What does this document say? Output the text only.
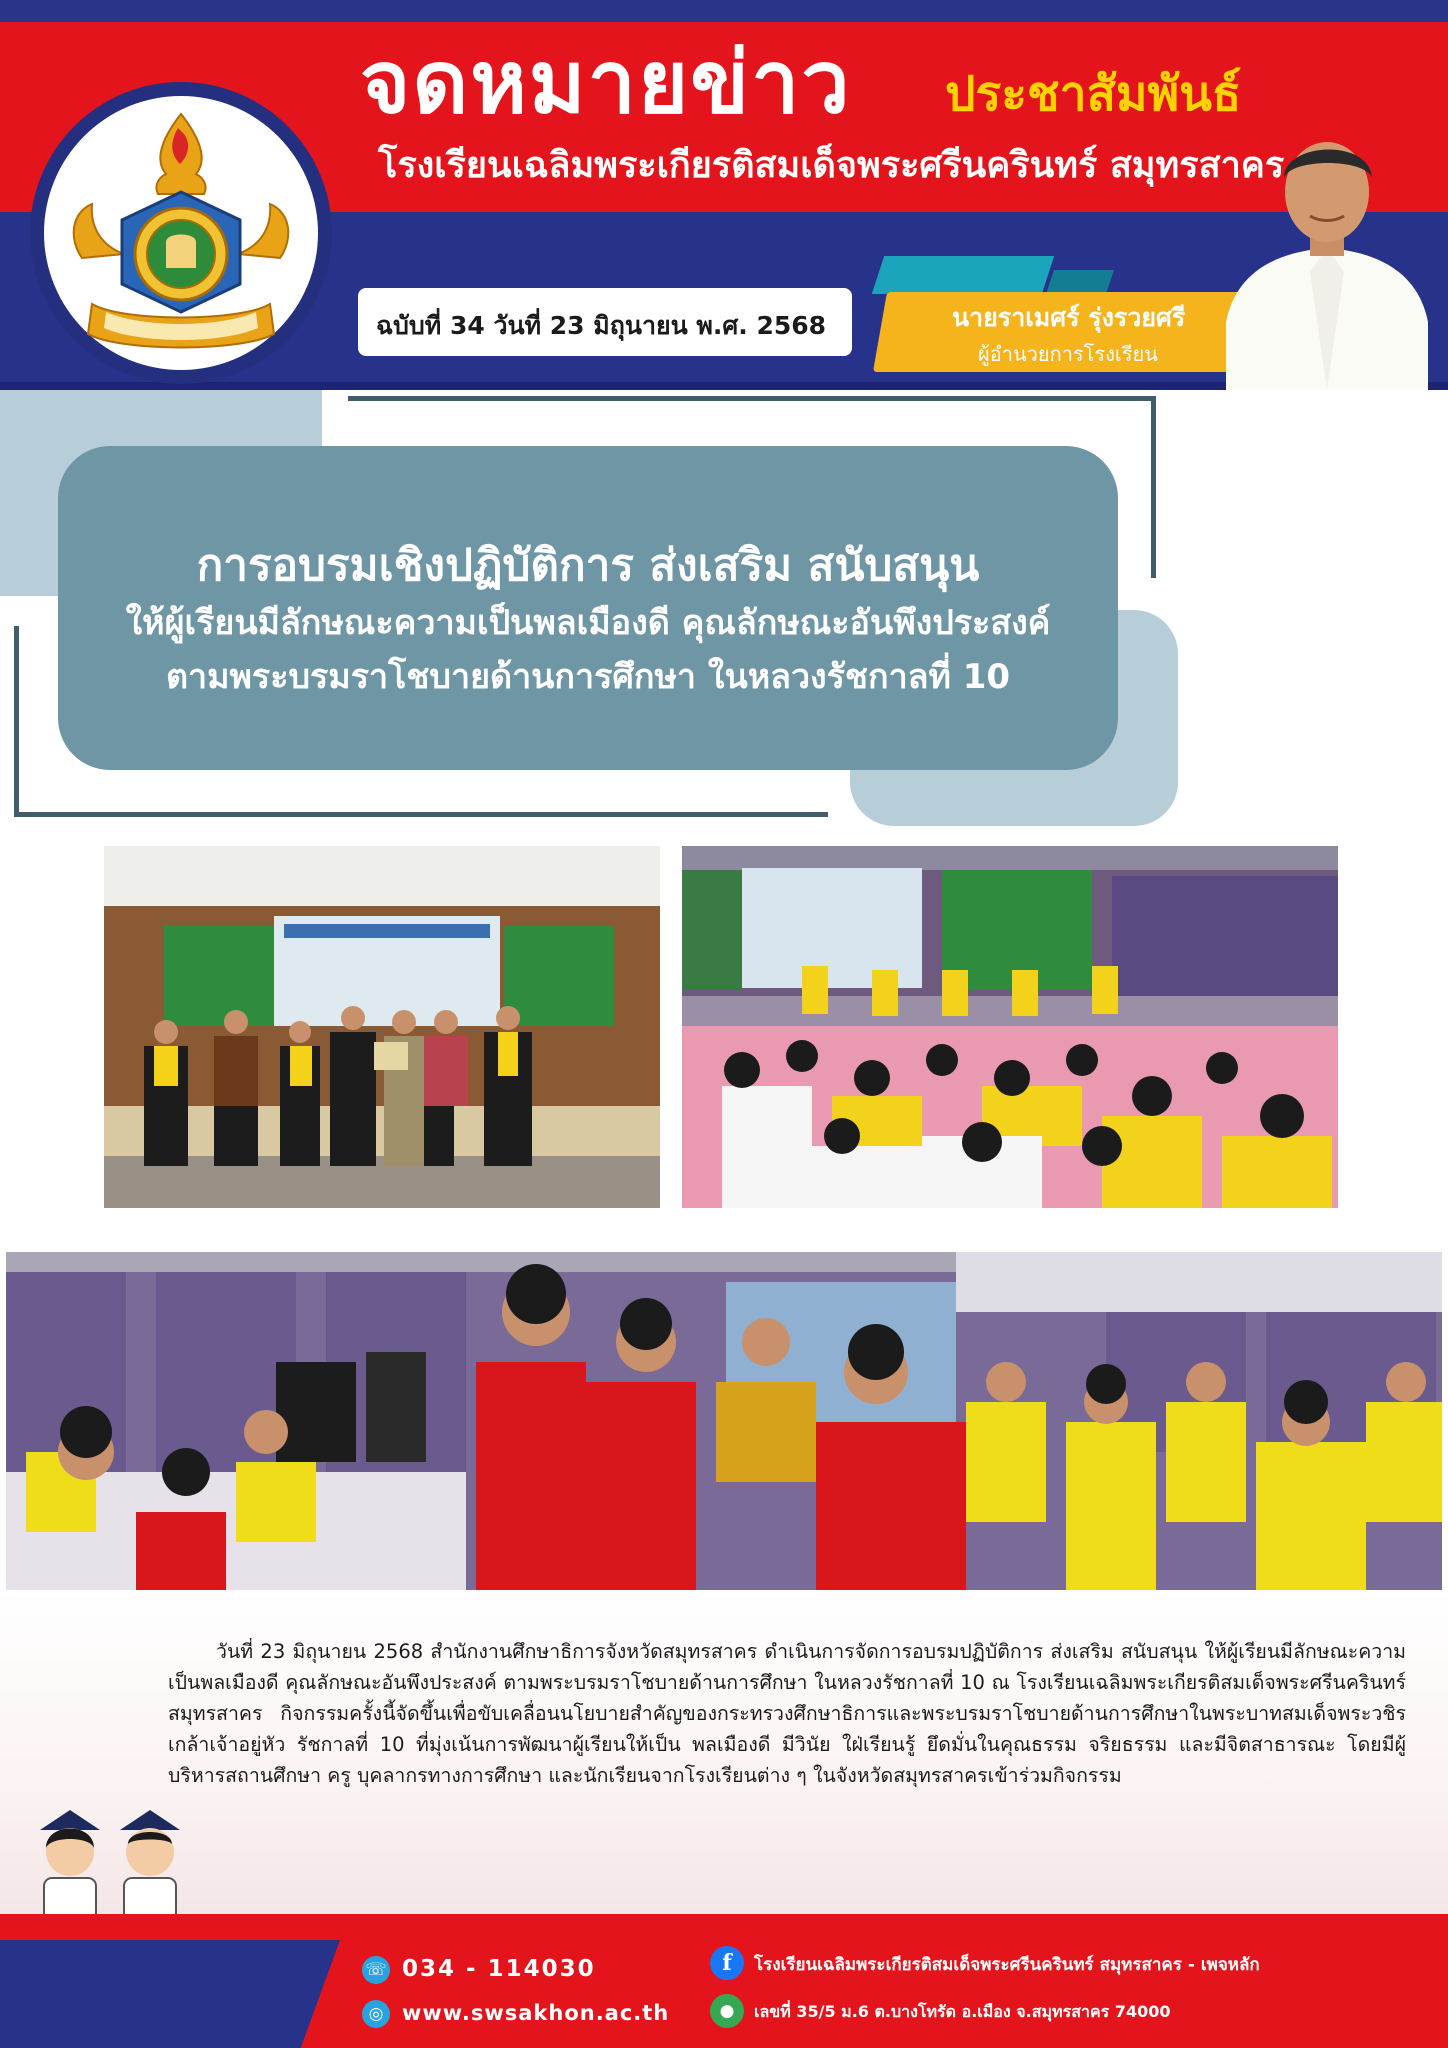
จดหมายข่าว ประชาสัมพันธ์
โรงเรียนเฉลิมพระเกียรติสมเด็จพระศรีนครินทร์ สมุทรสาคร
ฉบับที่ 34 วันที่ 23 มิถุนายน พ.ศ. 2568	นายราเมศร์ รุ่งรวยศรี
ผู้อำนวยการโรงเรียน
การอบรมเชิงปฏิบัติการ ส่งเสริม สนับสนุน
ให้ผู้เรียนมีลักษณะความเป็นพลเมืองดี คุณลักษณะอันพึงประสงค์
ตามพระบรมราโชบายด้านการศึกษา ในหลวงรัชกาลที่ 10

วันที่ 23 มิถุนายน 2568 สำนักงานศึกษาธิการจังหวัดสมุทรสาคร ดำเนินการจัดการอบรมปฏิบัติการ ส่งเสริม สนับสนุน ให้ผู้เรียนมีลักษณะความเป็นพลเมืองดี คุณลักษณะอันพึงประสงค์ ตามพระบรมราโชบายด้านการศึกษา ในหลวงรัชกาลที่ 10 ณ โรงเรียนเฉลิมพระเกียรติสมเด็จพระศรีนครินทร์ สมุทรสาคร กิจกรรมครั้งนี้จัดขึ้นเพื่อขับเคลื่อนนโยบายสำคัญของกระทรวงศึกษาธิการและพระบรมราโชบายด้านการศึกษาในพระบาทสมเด็จพระวชิรเกล้าเจ้าอยู่หัว รัชกาลที่ 10 ที่มุ่งเน้นการพัฒนาผู้เรียนให้เป็น พลเมืองดี มีวินัย ใฝ่เรียนรู้ ยึดมั่นในคุณธรรม จริยธรรม และมีจิตสาธารณะ โดยมีผู้บริหารสถานศึกษา ครู บุคลากรทางการศึกษา และนักเรียนจากโรงเรียนต่าง ๆ ในจังหวัดสมุทรสาครเข้าร่วมกิจกรรม

☏ 034 - 114030
◎ www.swsakhon.ac.th
f	โรงเรียนเฉลิมพระเกียรติสมเด็จพระศรีนครินทร์ สมุทรสาคร - เพจหลัก
●	เลขที่ 35/5 ม.6 ต.บางโทรัด อ.เมือง จ.สมุทรสาคร 74000
